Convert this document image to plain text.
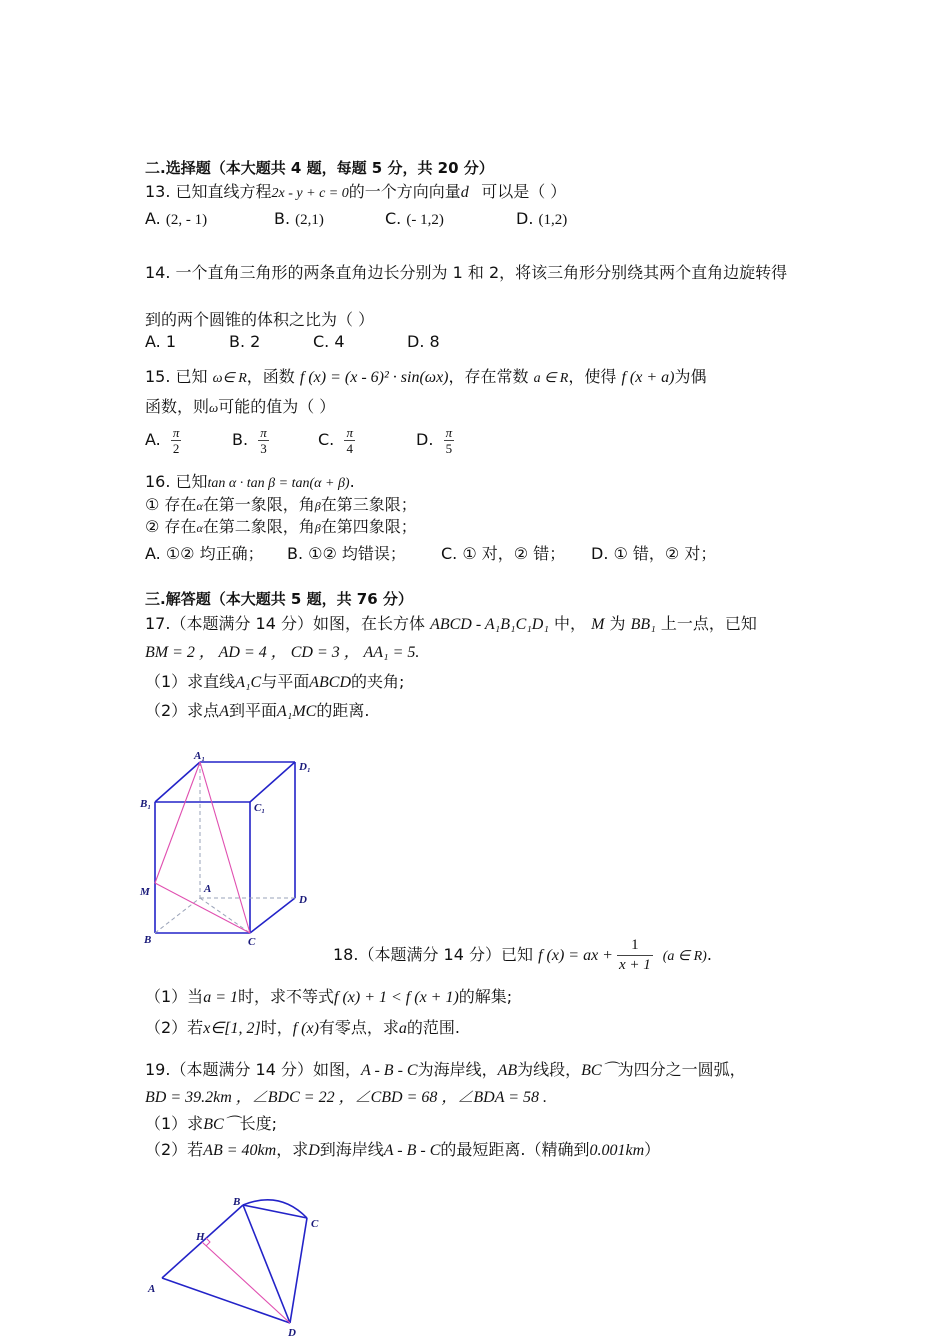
二.选择题（本大题共 4 题，每题 5 分，共 20 分）
13. 已知直线方程2x - y + c = 0的一个方向向量d⃗可以是（ ）
A. (2, - 1)	B. (2,1)	C. (- 1,2)	D. (1,2)
14. 一个直角三角形的两条直角边长分别为 1 和 2，将该三角形分别绕其两个直角边旋转得
到的两个圆锥的体积之比为（ ）
A. 1	B. 2	C. 4	D. 8
15. 已知 ω∈ R，函数 f (x) = (x - 6)² · sin(ωx)，存在常数 a ∈ R，使得 f (x + a)为偶
函数，则ω可能的值为（ ）
A. $\frac{\pi}{2}$	B. $\frac{\pi}{3}$	C. $\frac{\pi}{4}$	D. $\frac{\pi}{5}$
16. 已知tan α · tan β = tan(α + β).
① 存在α在第一象限，角β在第三象限；
② 存在α在第二象限，角β在第四象限；
A. ①② 均正确； B. ①② 均错误； C. ① 对，② 错； D. ① 错，② 对；
三.解答题（本大题共 5 题，共 76 分）
17.（本题满分 14 分）如图，在长方体 ABCD - A₁B₁C₁D₁ 中， M 为 BB₁ 上一点，已知
BM = 2 ， AD = 4 ， CD = 3 ， AA₁ = 5.
（1）求直线A₁C与平面ABCD的夹角;
（2）求点A到平面A₁MC的距离.
A₁
D₁
B₁	C₁
M	A
D
B	C
18.（本题满分 14 分）已知 f (x) = ax + $\frac{1}{x + 1} (a$ ∈ R).
（1）当a = 1时，求不等式f (x) + 1 < f (x + 1)的解集;
（2）若x∈[1, 2]时，f (x)有零点，求a的范围.
19.（本题满分 14 分）如图，A - B - C为海岸线，AB为线段，BC⌒为四分之一圆弧，
BD = 39.2km ，∠BDC = 22 ，∠CBD = 68 ，∠BDA = 58 .
（1）求BC⌒长度;
（2）若AB = 40km，求D到海岸线A - B - C的最短距离.（精确到0.001km）
B
C
H
A
D
